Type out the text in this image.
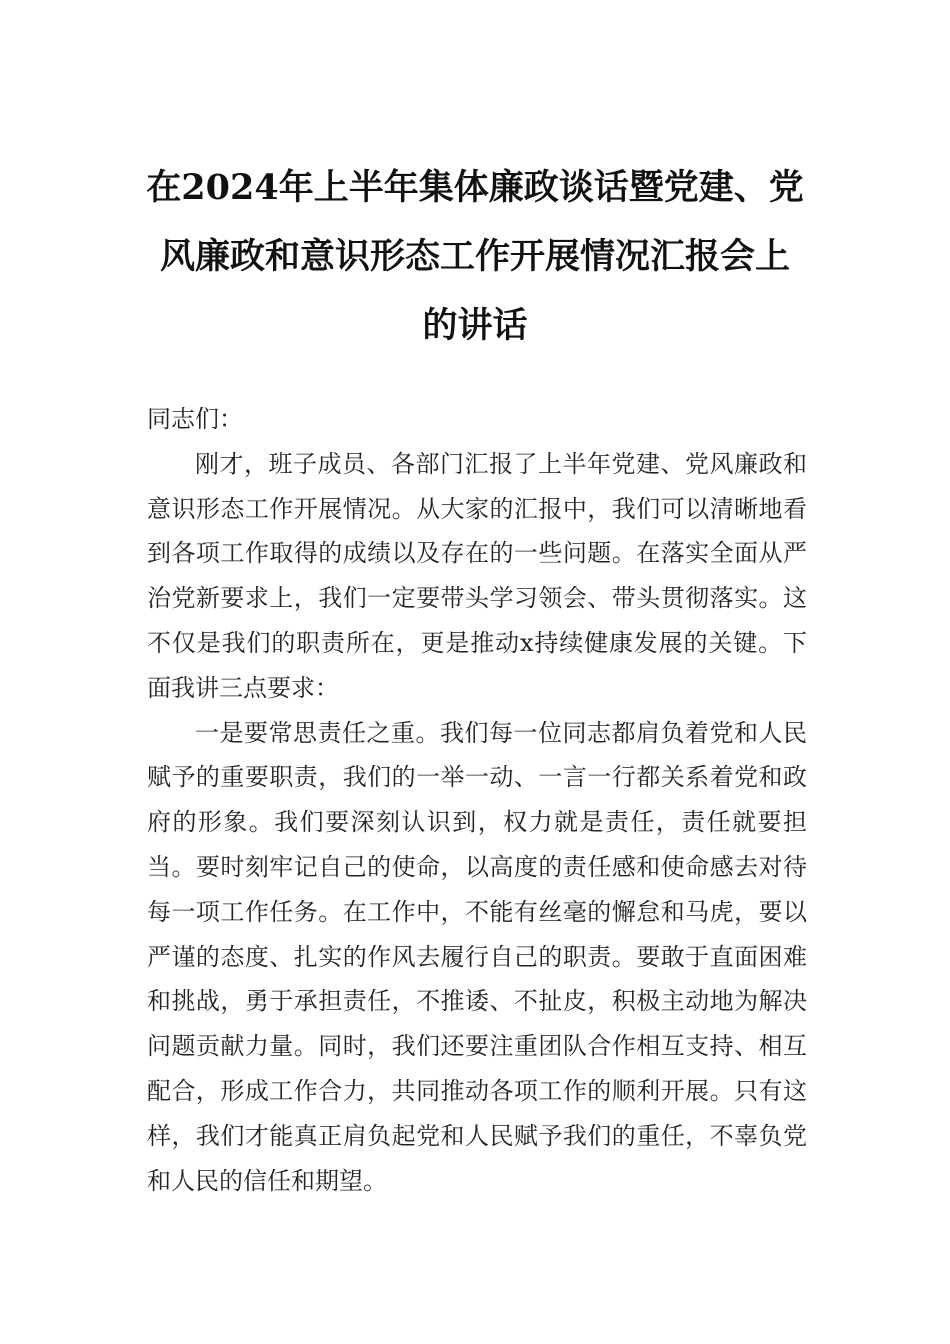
在2024年上半年集体廉政谈话暨党建、党
风廉政和意识形态工作开展情况汇报会上
的讲话

同志们：

刚才，班子成员、各部门汇报了上半年党建、党风廉政和意识形态工作开展情况。从大家的汇报中，我们可以清晰地看到各项工作取得的成绩以及存在的一些问题。在落实全面从严治党新要求上，我们一定要带头学习领会、带头贯彻落实。这不仅是我们的职责所在，更是推动x持续健康发展的关键。下面我讲三点要求：

一是要常思责任之重。我们每一位同志都肩负着党和人民赋予的重要职责，我们的一举一动、一言一行都关系着党和政府的形象。我们要深刻认识到，权力就是责任，责任就要担当。要时刻牢记自己的使命，以高度的责任感和使命感去对待每一项工作任务。在工作中，不能有丝毫的懈怠和马虎，要以严谨的态度、扎实的作风去履行自己的职责。要敢于直面困难和挑战，勇于承担责任，不推诿、不扯皮，积极主动地为解决问题贡献力量。同时，我们还要注重团队合作相互支持、相互配合，形成工作合力，共同推动各项工作的顺利开展。只有这样，我们才能真正肩负起党和人民赋予我们的重任，不辜负党和人民的信任和期望。
